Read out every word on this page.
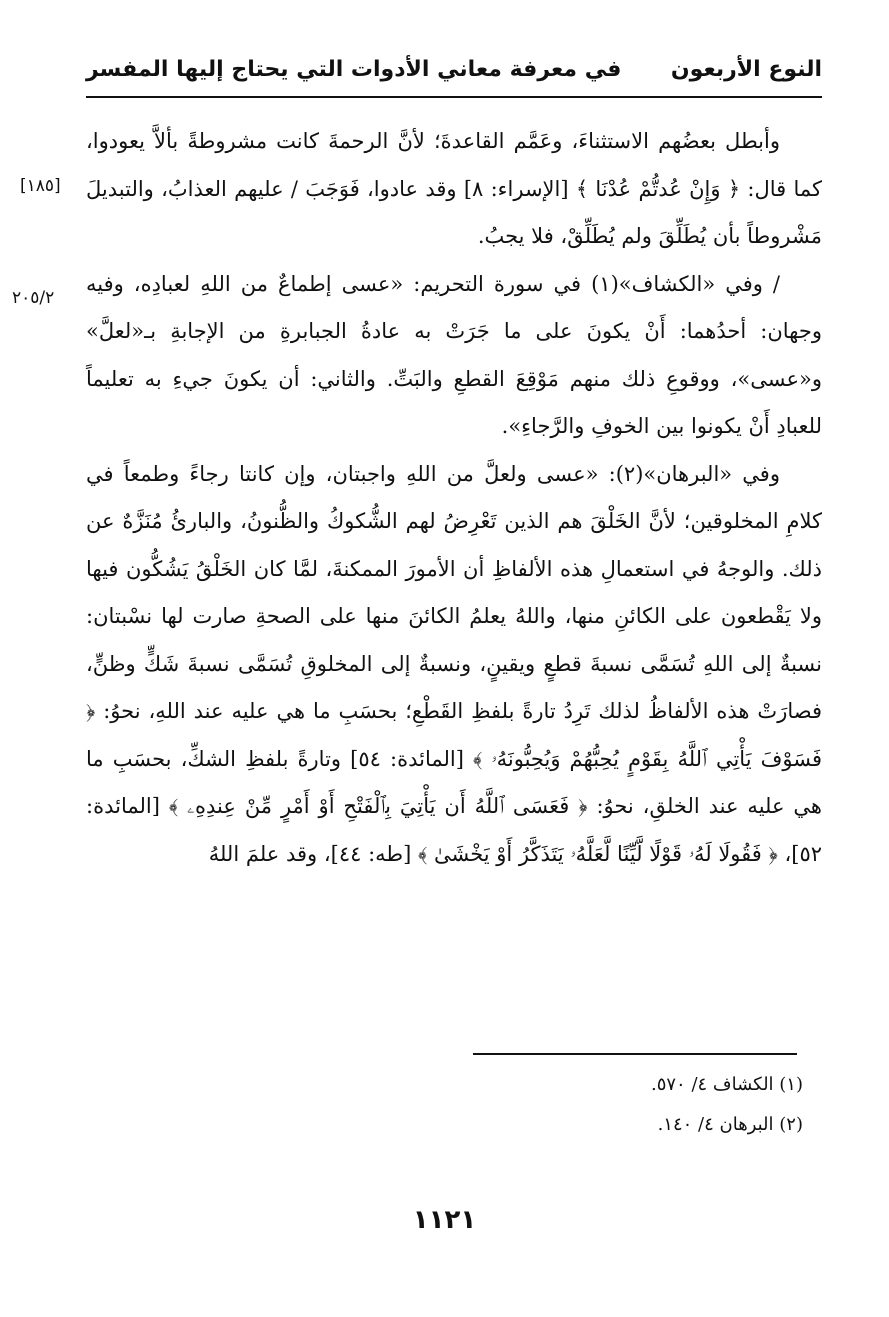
النوع الأربعون
في معرفة معاني الأدوات التي يحتاج إليها المفسر
[١٨٥]
٢٠٥/٢

وأبطل بعضُهم الاستثناءَ، وعَمَّم القاعدةَ؛ لأنَّ الرحمةَ كانت مشروطةً بألاَّ يعودوا، كما قال: ﴿ وَإِنْ عُدتُّمْ عُدْنَا ﴾ [الإسراء: ٨] وقد عادوا، فَوَجَبَ / عليهم العذابُ، والتبديلَ مَشْروطاً بأن يُطَلِّقَ ولم يُطَلِّقْ، فلا يجبُ.

/ وفي «الكشاف»(١) في سورة التحريم: «عسى إطماعٌ من اللهِ لعبادِه، وفيه وجهان: أحدُهما: أَنْ يكونَ على ما جَرَتْ به عادةُ الجبابرةِ من الإجابةِ بـ«لعلَّ» و«عسى»، ووقوعِ ذلك منهم مَوْقِعَ القطعِ والبَتِّ. والثاني: أن يكونَ جيءِ به تعليماً للعبادِ أَنْ يكونوا بين الخوفِ والرَّجاءِ».

وفي «البرهان»(٢): «عسى ولعلَّ من اللهِ واجبتان، وإن كانتا رجاءً وطمعاً في كلامِ المخلوقين؛ لأنَّ الخَلْقَ هم الذين تَعْرِضُ لهم الشُّكوكُ والظُّنونُ، والبارئُ مُنَزَّهٌ عن ذلك. والوجهُ في استعمالِ هذه الألفاظِ أن الأمورَ الممكنةَ، لمَّا كان الخَلْقُ يَشُكُّون فيها ولا يَقْطعون على الكائنِ منها، واللهُ يعلمُ الكائنَ منها على الصحةِ صارت لها نسْبتان: نسبةٌ إلى اللهِ تُسَمَّى نسبةَ قطعٍ ويقينٍ، ونسبةٌ إلى المخلوقِ تُسَمَّى نسبةَ شَكٍّ وظنٍّ، فصارَتْ هذه الألفاظُ لذلك تَرِدُ تارةً بلفظِ القَطْعِ؛ بحسَبِ ما هي عليه عند اللهِ، نحوُ: ﴿ فَسَوْفَ يَأْتِي ٱللَّهُ بِقَوْمٍ يُحِبُّهُمْ وَيُحِبُّونَهُۥ ﴾ [المائدة: ٥٤] وتارةً بلفظِ الشكِّ، بحسَبِ ما هي عليه عند الخلقِ، نحوُ: ﴿ فَعَسَى ٱللَّهُ أَن يَأْتِيَ بِٱلْفَتْحِ أَوْ أَمْرٍ مِّنْ عِندِهِۦ ﴾ [المائدة: ٥٢]، ﴿ فَقُولَا لَهُۥ قَوْلًا لَّيِّنًا لَّعَلَّهُۥ يَتَذَكَّرُ أَوْ يَخْشَىٰ ﴾ [طه: ٤٤]، وقد علمَ اللهُ

(١) الكشاف ٤/ ٥٧٠.
(٢) البرهان ٤/ ١٤٠.
١١٢١
